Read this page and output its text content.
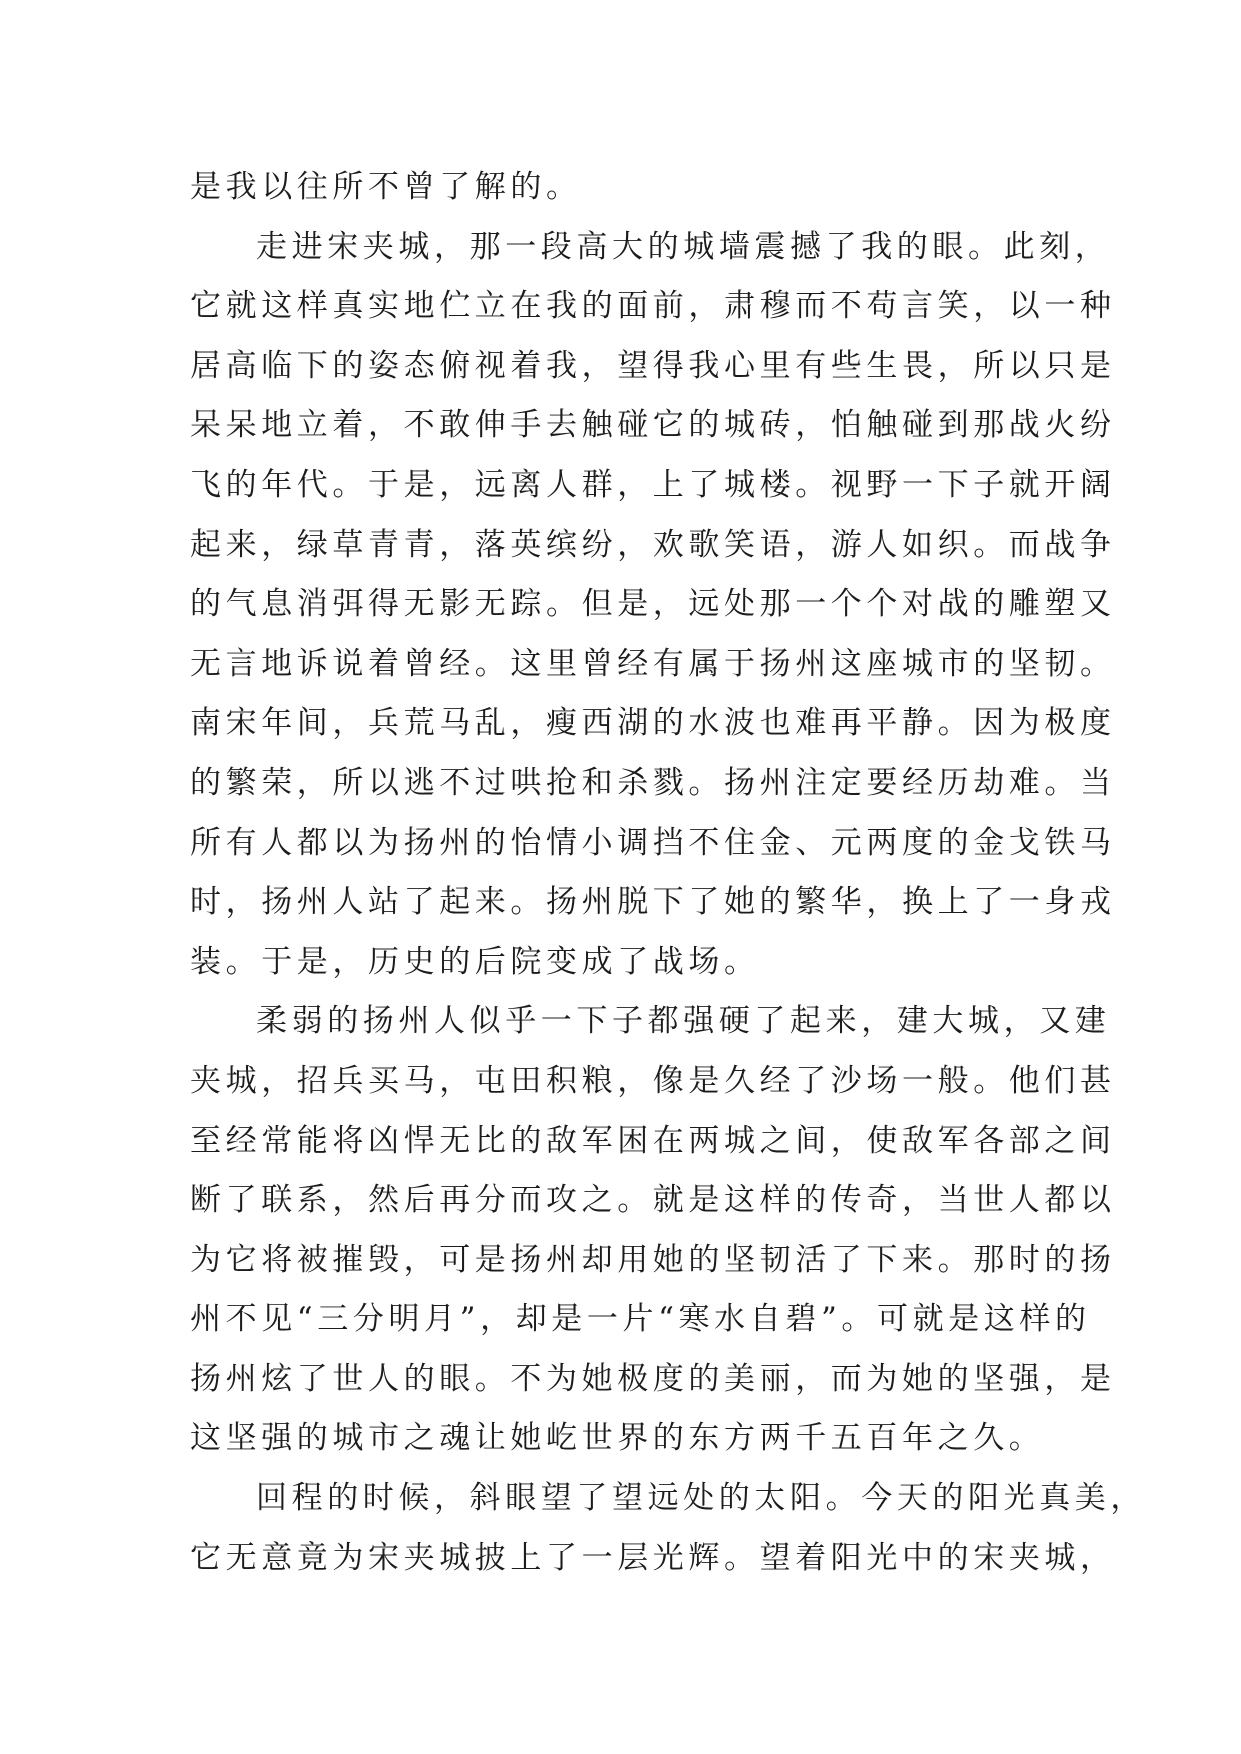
是我以往所不曾了解的。
走进宋夹城，那一段高大的城墙震撼了我的眼。此刻，
它就这样真实地伫立在我的面前，肃穆而不苟言笑，以一种
居高临下的姿态俯视着我，望得我心里有些生畏，所以只是
呆呆地立着，不敢伸手去触碰它的城砖，怕触碰到那战火纷
飞的年代。于是，远离人群，上了城楼。视野一下子就开阔
起来，绿草青青，落英缤纷，欢歌笑语，游人如织。而战争
的气息消弭得无影无踪。但是，远处那一个个对战的雕塑又
无言地诉说着曾经。这里曾经有属于扬州这座城市的坚韧。
南宋年间，兵荒马乱，瘦西湖的水波也难再平静。因为极度
的繁荣，所以逃不过哄抢和杀戮。扬州注定要经历劫难。当
所有人都以为扬州的怡情小调挡不住金、元两度的金戈铁马
时，扬州人站了起来。扬州脱下了她的繁华，换上了一身戎
装。于是，历史的后院变成了战场。
柔弱的扬州人似乎一下子都强硬了起来，建大城，又建
夹城，招兵买马，屯田积粮，像是久经了沙场一般。他们甚
至经常能将凶悍无比的敌军困在两城之间，使敌军各部之间
断了联系，然后再分而攻之。就是这样的传奇，当世人都以
为它将被摧毁，可是扬州却用她的坚韧活了下来。那时的扬
州不见“三分明月”，却是一片“寒水自碧”。可就是这样的
扬州炫了世人的眼。不为她极度的美丽，而为她的坚强，是
这坚强的城市之魂让她屹世界的东方两千五百年之久。
回程的时候，斜眼望了望远处的太阳。今天的阳光真美，
它无意竟为宋夹城披上了一层光辉。望着阳光中的宋夹城，
